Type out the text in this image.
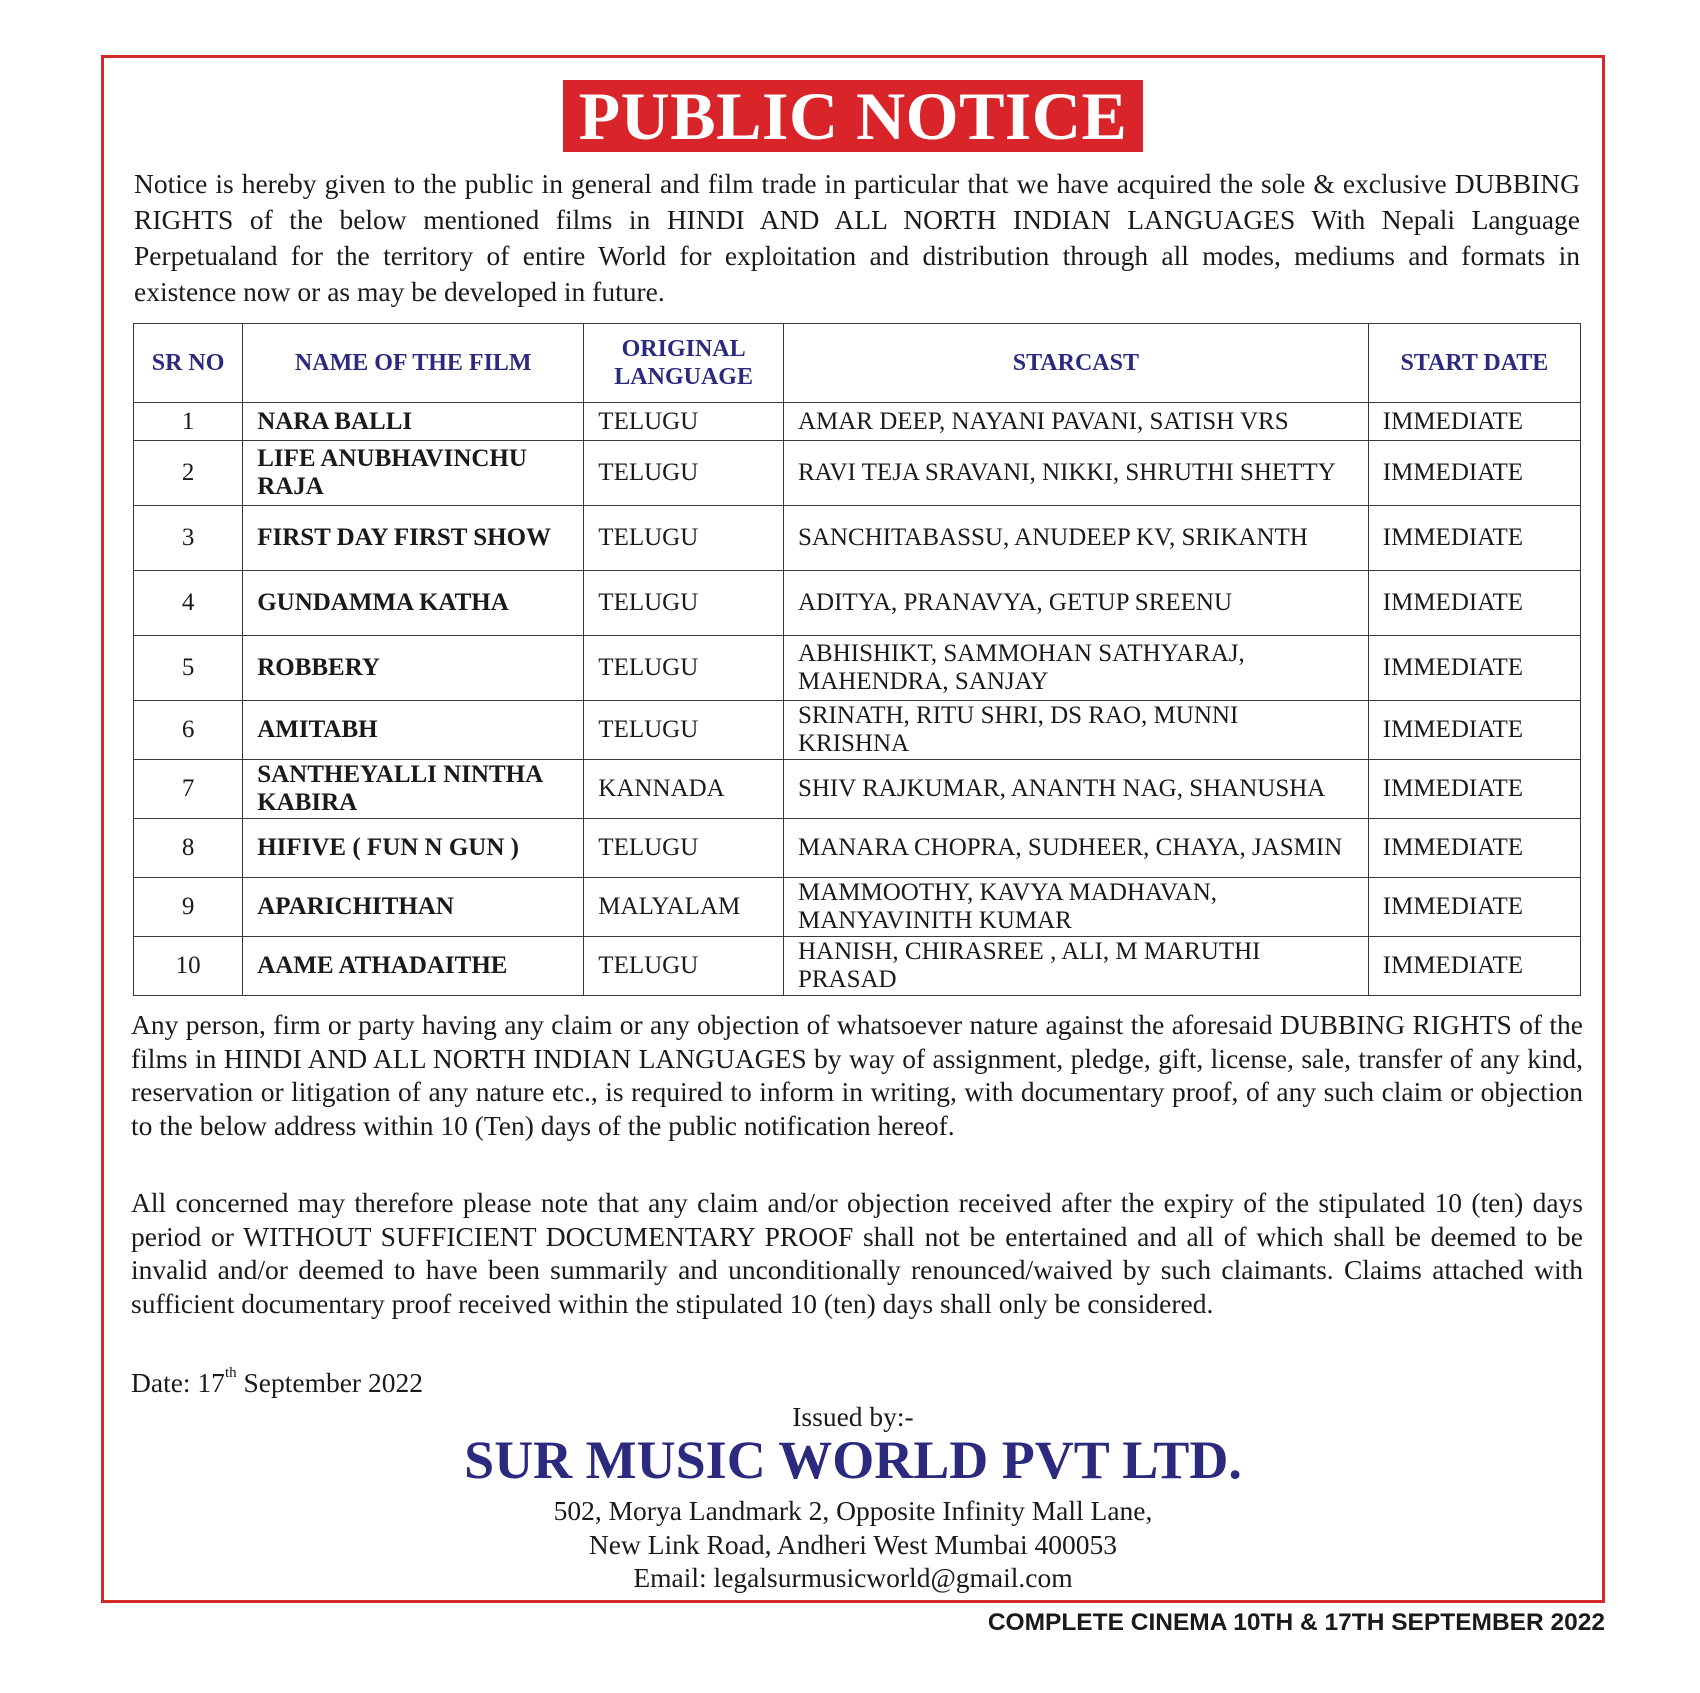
PUBLIC NOTICE
Notice is hereby given to the public in general and film trade in particular that we have acquired the sole & exclusive DUBBING RIGHTS of the below mentioned films in HINDI AND ALL NORTH INDIAN LANGUAGES With Nepali Language Perpetualand for the territory of entire World for exploitation and distribution through all modes, mediums and formats in existence now or as may be developed in future.
SR NO	NAME OF THE FILM	ORIGINAL LANGUAGE	STARCAST	START DATE
1	NARA BALLI	TELUGU	AMAR DEEP, NAYANI PAVANI, SATISH VRS	IMMEDIATE
2	LIFE ANUBHAVINCHU RAJA	TELUGU	RAVI TEJA SRAVANI, NIKKI, SHRUTHI SHETTY	IMMEDIATE
3	FIRST DAY FIRST SHOW	TELUGU	SANCHITABASSU, ANUDEEP KV, SRIKANTH	IMMEDIATE
4	GUNDAMMA KATHA	TELUGU	ADITYA, PRANAVYA, GETUP SREENU	IMMEDIATE
5	ROBBERY	TELUGU	ABHISHIKT, SAMMOHAN SATHYARAJ, MAHENDRA, SANJAY	IMMEDIATE
6	AMITABH	TELUGU	SRINATH, RITU SHRI, DS RAO, MUNNI KRISHNA	IMMEDIATE
7	SANTHEYALLI NINTHA KABIRA	KANNADA	SHIV RAJKUMAR, ANANTH NAG, SHANUSHA	IMMEDIATE
8	HIFIVE ( FUN N GUN )	TELUGU	MANARA CHOPRA, SUDHEER, CHAYA, JASMIN	IMMEDIATE
9	APARICHITHAN	MALYALAM	MAMMOOTHY, KAVYA MADHAVAN, MANYAVINITH KUMAR	IMMEDIATE
10	AAME ATHADAITHE	TELUGU	HANISH, CHIRASREE , ALI, M MARUTHI PRASAD	IMMEDIATE
Any person, firm or party having any claim or any objection of whatsoever nature against the aforesaid DUBBING RIGHTS of the films in HINDI AND ALL NORTH INDIAN LANGUAGES by way of assignment, pledge, gift, license, sale, transfer of any kind, reservation or litigation of any nature etc., is required to inform in writing, with documentary proof, of any such claim or objection to the below address within 10 (Ten) days of the public notification hereof.
All concerned may therefore please note that any claim and/or objection received after the expiry of the stipulated 10 (ten) days period or WITHOUT SUFFICIENT DOCUMENTARY PROOF shall not be entertained and all of which shall be deemed to be invalid and/or deemed to have been summarily and unconditionally renounced/waived by such claimants. Claims attached with sufficient documentary proof received within the stipulated 10 (ten) days shall only be considered.
Date: 17th September 2022
Issued by:-
SUR MUSIC WORLD PVT LTD.
502, Morya Landmark 2, Opposite Infinity Mall Lane,
New Link Road, Andheri West Mumbai 400053
Email: legalsurmusicworld@gmail.com
COMPLETE CINEMA 10TH & 17TH SEPTEMBER 2022
